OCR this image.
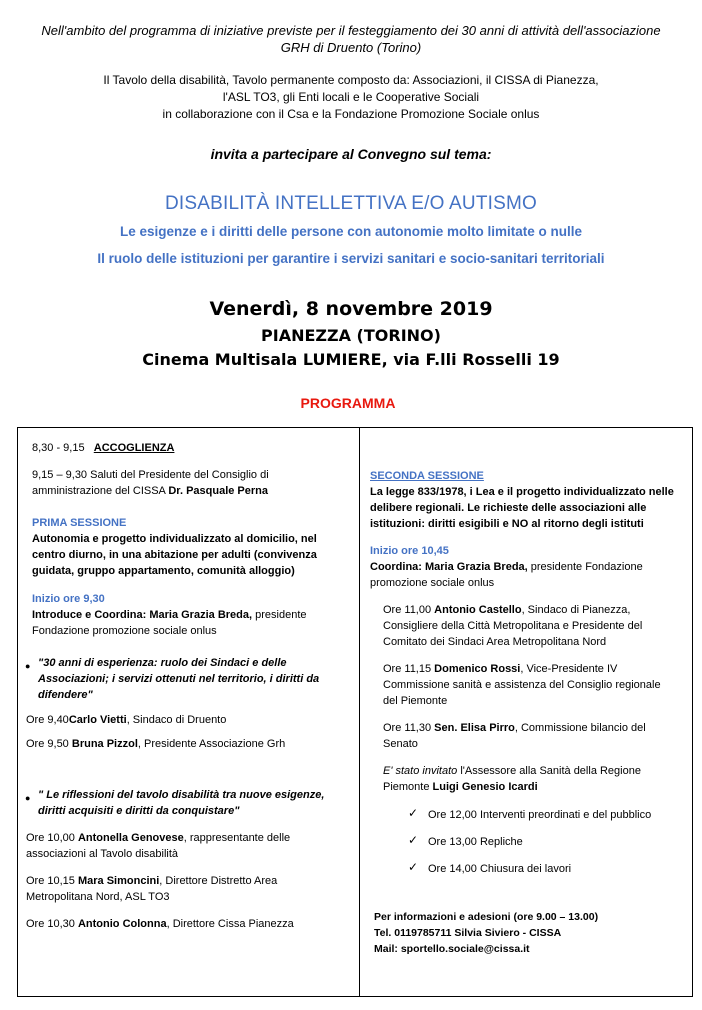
Nell'ambito del programma di iniziative previste per il festeggiamento dei 30 anni di attività dell'associazione
GRH di Druento (Torino)
Il Tavolo della disabilità, Tavolo permanente composto da: Associazioni, il CISSA di Pianezza,
l'ASL TO3, gli Enti locali e le Cooperative Sociali
in collaborazione con il Csa e la Fondazione Promozione Sociale onlus
invita a partecipare al Convegno sul tema:
DISABILITÀ INTELLETTIVA E/O AUTISMO
Le esigenze e i diritti delle persone con autonomie molto limitate o nulle
Il ruolo delle istituzioni per garantire i servizi sanitari e socio-sanitari territoriali
Venerdì, 8 novembre 2019
PIANEZZA (TORINO)
Cinema Multisala LUMIERE, via F.lli Rosselli 19
PROGRAMMA
8,30 - 9,15 ACCOGLIENZA
9,15 – 9,30 Saluti del Presidente del Consiglio di
amministrazione del CISSA Dr. Pasquale Perna
PRIMA SESSIONE
Autonomia e progetto individualizzato al domicilio, nel
centro diurno, in una abitazione per adulti (convivenza
guidata, gruppo appartamento, comunità alloggio)
Inizio ore 9,30
Introduce e Coordina: Maria Grazia Breda, presidente
Fondazione promozione sociale onlus
● "30 anni di esperienza: ruolo dei Sindaci e delle
Associazioni; i servizi ottenuti nel territorio, i diritti da
difendere"
Ore 9,40Carlo Vietti, Sindaco di Druento
Ore 9,50 Bruna Pizzol, Presidente Associazione Grh
● " Le riflessioni del tavolo disabilità tra nuove esigenze,
diritti acquisiti e diritti da conquistare"
Ore 10,00 Antonella Genovese, rappresentante delle
associazioni al Tavolo disabilità
Ore 10,15 Mara Simoncini, Direttore Distretto Area
Metropolitana Nord, ASL TO3
Ore 10,30 Antonio Colonna, Direttore Cissa Pianezza
SECONDA SESSIONE
La legge 833/1978, i Lea e il progetto individualizzato nelle
delibere regionali. Le richieste delle associazioni alle
istituzioni: diritti esigibili e NO al ritorno degli istituti
Inizio ore 10,45
Coordina: Maria Grazia Breda, presidente Fondazione
promozione sociale onlus
Ore 11,00 Antonio Castello, Sindaco di Pianezza,
Consigliere della Città Metropolitana e Presidente del
Comitato dei Sindaci Area Metropolitana Nord
Ore 11,15 Domenico Rossi, Vice-Presidente IV
Commissione sanità e assistenza del Consiglio regionale
del Piemonte
Ore 11,30 Sen. Elisa Pirro, Commissione bilancio del
Senato
E' stato invitato l'Assessore alla Sanità della Regione
Piemonte Luigi Genesio Icardi
✓ Ore 12,00 Interventi preordinati e del pubblico
✓ Ore 13,00 Repliche
✓ Ore 14,00 Chiusura dei lavori
Per informazioni e adesioni (ore 9.00 – 13.00)
Tel. 0119785711 Silvia Siviero - CISSA
Mail: sportello.sociale@cissa.it
